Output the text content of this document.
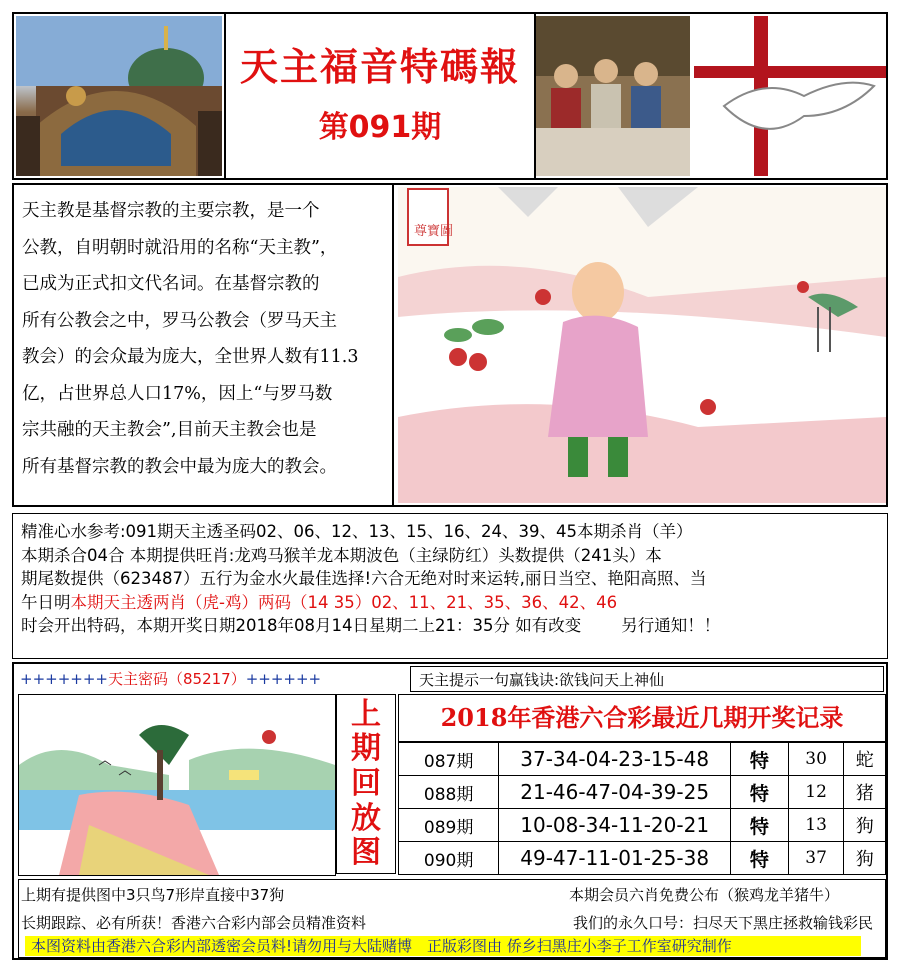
天主福音特碼報
第091期

天主教是基督宗教的主要宗教，是一个

公教，自明朝时就沿用的名称“天主教”，

已成为正式扣文代名词。在基督宗教的

所有公教会之中，罗马公教会（罗马天主

教会）的会众最为庞大，全世界人数有11.3

亿，占世界总人口17%，因上“与罗马数

宗共融的天主教会”,目前天主教会也是

所有基督宗教的教会中最为庞大的教会。

尊寶圖
精准心水参考:091期天主透圣码02、06、12、13、15、16、24、39、45本期杀肖（羊）
本期杀合04合 本期提供旺肖:龙鸡马猴羊龙本期波色（主绿防红）头数提供（241头）本
期尾数提供（623487）五行为金水火最佳选择!六合无绝对时来运转,丽日当空、艳阳高照、当
午日明本期天主透两肖（虎-鸡）两码（14 35）02、11、21、35、36、42、46
时会开出特码，本期开奖日期2018年08月14日星期二上21：35分 如有改变 另行通知！！
+++++++天主密码（85217）++++++	天主提示一句赢钱诀:欲钱问天上神仙
上
期
回
放
图
2018年香港六合彩最近几期开奖记录
087期	37-34-04-23-15-48	特	30	蛇
088期	21-46-47-04-39-25	特	12	猪
089期	10-08-34-11-20-21	特	13	狗
090期	49-47-11-01-25-38	特	37	狗
上期有提供图中3只鸟7形岸直接中37狗	本期会员六肖免费公布（猴鸡龙羊猪牛）
长期跟踪、必有所获！香港六合彩内部会员精准资料	我们的永久口号：扫尽天下黑庄拯救输钱彩民
本图资料由香港六合彩内部透密会员料!请勿用与大陆赌博　正版彩图由 侨乡扫黑庄小李子工作室研究制作
